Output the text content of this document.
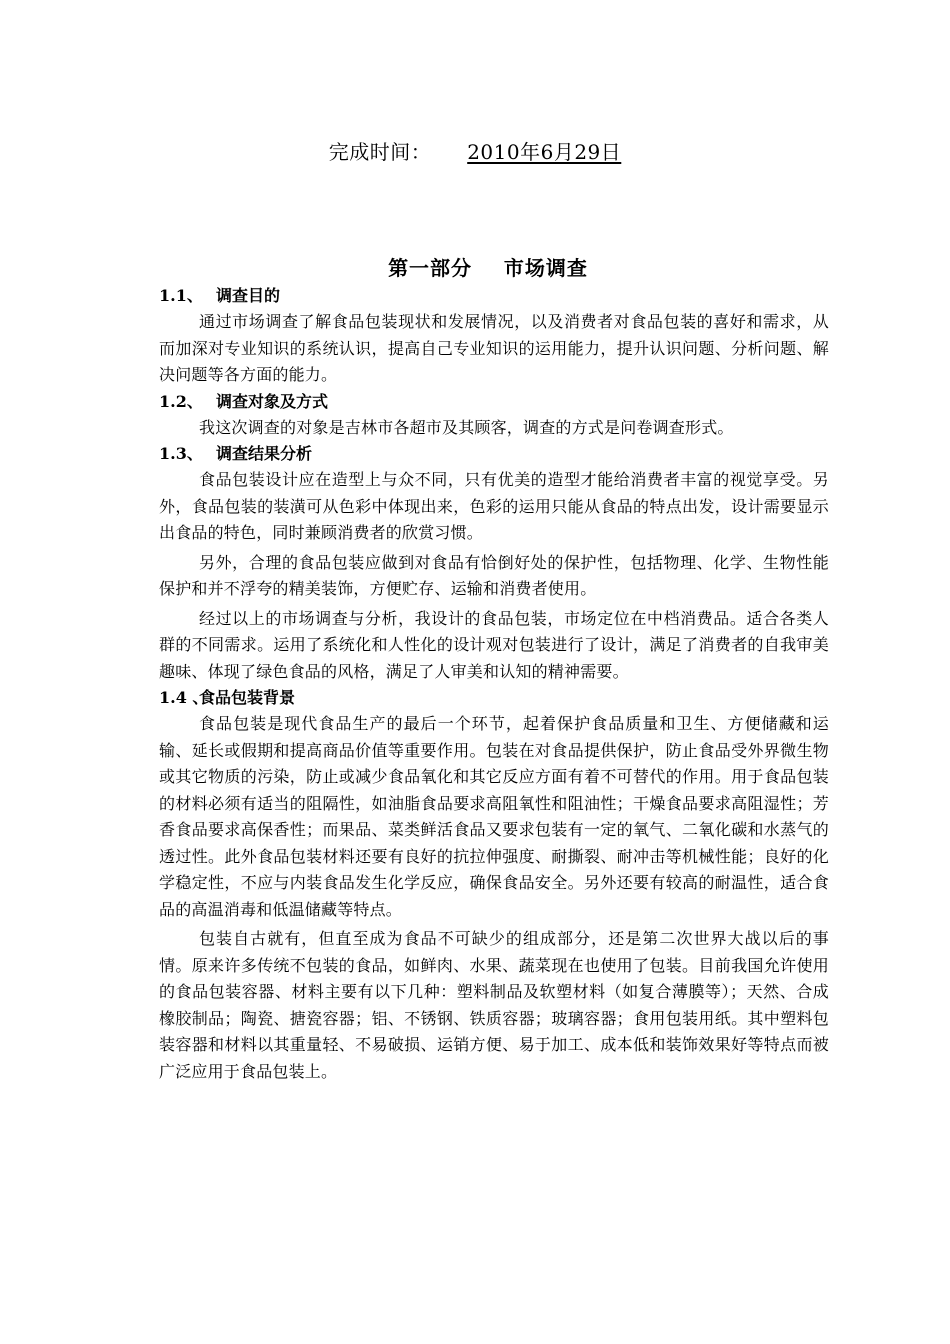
完成时间： 2010年6月29日
第一部分    市场调查
1.1、 调查目的

通过市场调查了解食品包装现状和发展情况，以及消费者对食品包装的喜好和需求，从而加深对专业知识的系统认识，提高自己专业知识的运用能力，提升认识问题、分析问题、解决问题等各方面的能力。

1.2、 调查对象及方式

我这次调查的对象是吉林市各超市及其顾客，调查的方式是问卷调查形式。

1.3、 调查结果分析

食品包装设计应在造型上与众不同，只有优美的造型才能给消费者丰富的视觉享受。另外，食品包装的装潢可从色彩中体现出来，色彩的运用只能从食品的特点出发，设计需要显示出食品的特色，同时兼顾消费者的欣赏习惯。

另外，合理的食品包装应做到对食品有恰倒好处的保护性，包括物理、化学、生物性能保护和并不浮夸的精美装饰，方便贮存、运输和消费者使用。

经过以上的市场调查与分析，我设计的食品包装，市场定位在中档消费品。适合各类人群的不同需求。运用了系统化和人性化的设计观对包装进行了设计，满足了消费者的自我审美趣味、体现了绿色食品的风格，满足了人审美和认知的精神需要。

1.4 、食品包装背景

食品包装是现代食品生产的最后一个环节，起着保护食品质量和卫生、方便储藏和运输、延长或假期和提高商品价值等重要作用。包装在对食品提供保护，防止食品受外界微生物或其它物质的污染，防止或减少食品氧化和其它反应方面有着不可替代的作用。用于食品包装的材料必须有适当的阻隔性，如油脂食品要求高阻氧性和阻油性；干燥食品要求高阻湿性；芳香食品要求高保香性；而果品、菜类鲜活食品又要求包装有一定的氧气、二氧化碳和水蒸气的透过性。此外食品包装材料还要有良好的抗拉伸强度、耐撕裂、耐冲击等机械性能；良好的化学稳定性，不应与内装食品发生化学反应，确保食品安全。另外还要有较高的耐温性，适合食品的高温消毒和低温储藏等特点。

包装自古就有，但直至成为食品不可缺少的组成部分，还是第二次世界大战以后的事情。原来许多传统不包装的食品，如鲜肉、水果、蔬菜现在也使用了包装。目前我国允许使用的食品包装容器、材料主要有以下几种：塑料制品及软塑材料（如复合薄膜等）；天然、合成橡胶制品；陶瓷、搪瓷容器；铝、不锈钢、铁质容器；玻璃容器；食用包装用纸。其中塑料包装容器和材料以其重量轻、不易破损、运销方便、易于加工、成本低和装饰效果好等特点而被广泛应用于食品包装上。
